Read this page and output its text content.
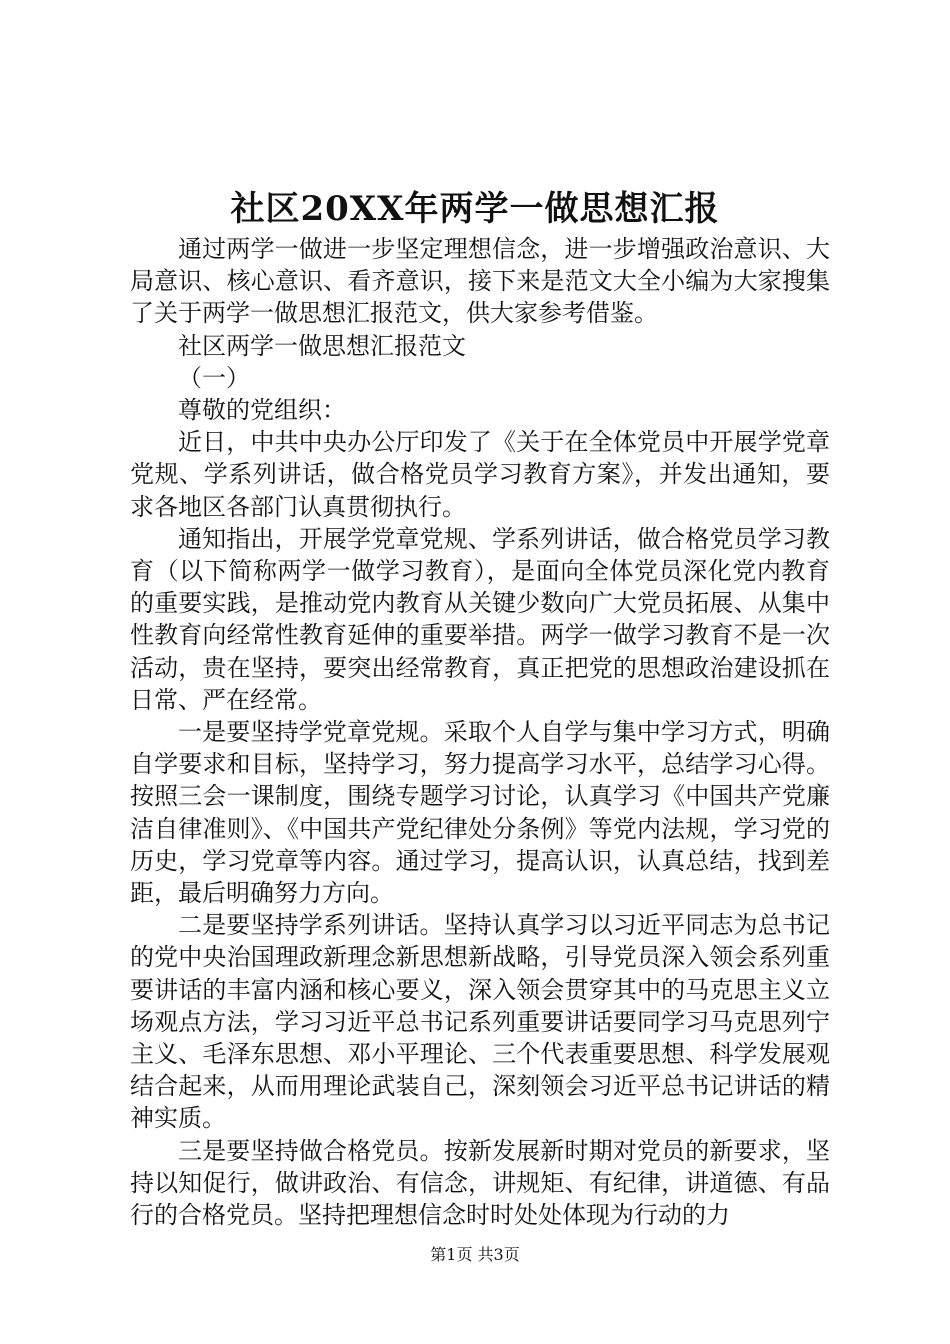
社区20XX年两学一做思想汇报

通过两学一做进一步坚定理想信念，进一步增强政治意识、大局意识、核心意识、看齐意识，接下来是范文大全小编为大家搜集了关于两学一做思想汇报范文，供大家参考借鉴。

社区两学一做思想汇报范文

（一）

尊敬的党组织：

近日，中共中央办公厅印发了《关于在全体党员中开展学党章党规、学系列讲话，做合格党员学习教育方案》，并发出通知，要求各地区各部门认真贯彻执行。

通知指出，开展学党章党规、学系列讲话，做合格党员学习教育（以下简称两学一做学习教育），是面向全体党员深化党内教育的重要实践，是推动党内教育从关键少数向广大党员拓展、从集中性教育向经常性教育延伸的重要举措。两学一做学习教育不是一次活动，贵在坚持，要突出经常教育，真正把党的思想政治建设抓在日常、严在经常。

一是要坚持学党章党规。采取个人自学与集中学习方式，明确自学要求和目标，坚持学习，努力提高学习水平，总结学习心得。按照三会一课制度，围绕专题学习讨论，认真学习《中国共产党廉洁自律准则》、《中国共产党纪律处分条例》等党内法规，学习党的历史，学习党章等内容。通过学习，提高认识，认真总结，找到差距，最后明确努力方向。

二是要坚持学系列讲话。坚持认真学习以习近平同志为总书记的党中央治国理政新理念新思想新战略，引导党员深入领会系列重要讲话的丰富内涵和核心要义，深入领会贯穿其中的马克思主义立场观点方法，学习习近平总书记系列重要讲话要同学习马克思列宁主义、毛泽东思想、邓小平理论、三个代表重要思想、科学发展观结合起来，从而用理论武装自己，深刻领会习近平总书记讲话的精神实质。

三是要坚持做合格党员。按新发展新时期对党员的新要求，坚持以知促行，做讲政治、有信念，讲规矩、有纪律，讲道德、有品行的合格党员。坚持把理想信念时时处处体现为行动的力

第1页 共3页
